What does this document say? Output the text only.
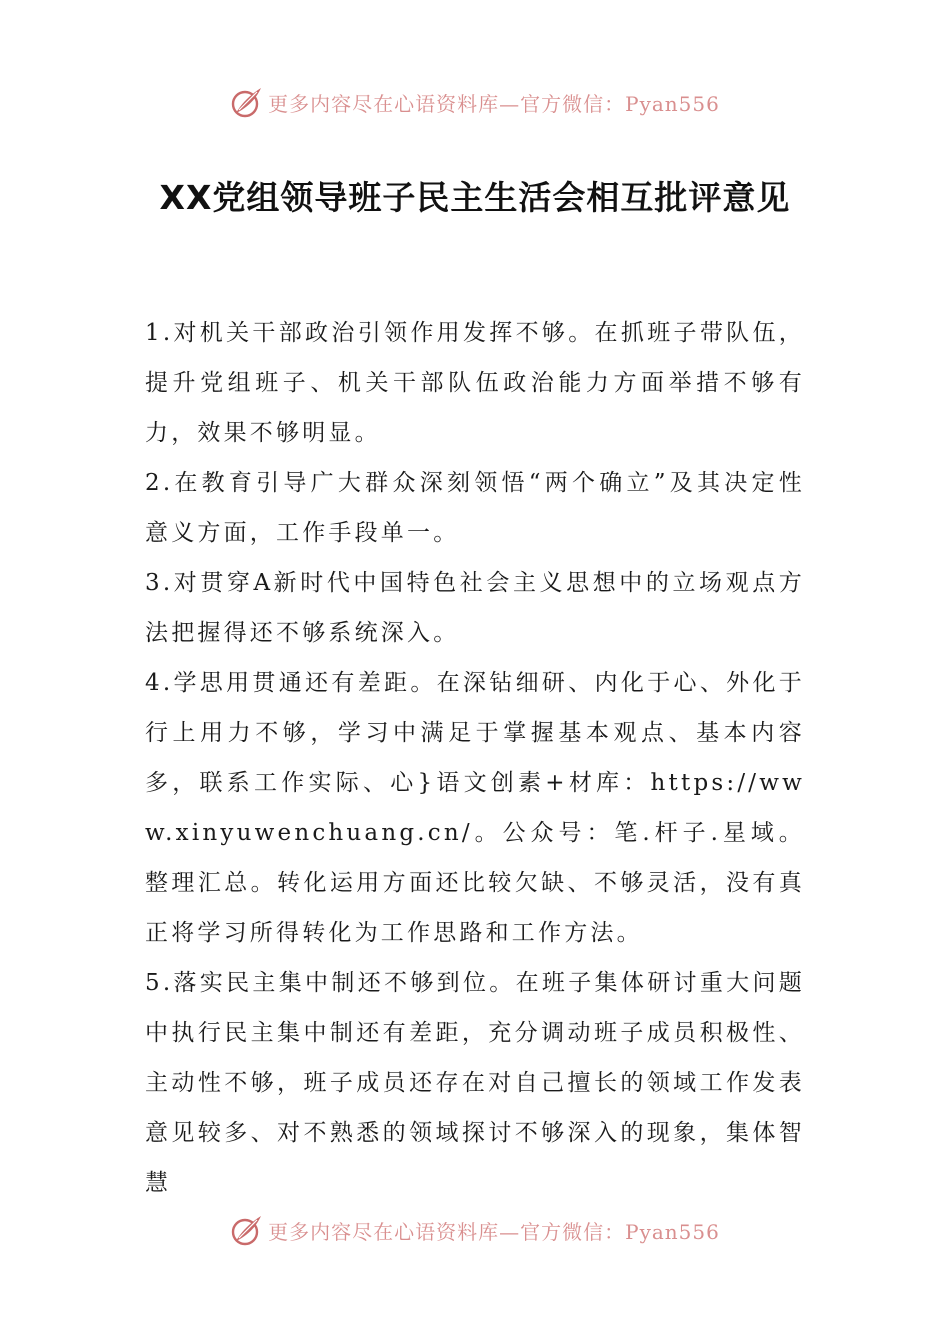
更多内容尽在心语资料库—官方微信：Pyan556
XX党组领导班子民主生活会相互批评意见

1.对机关干部政治引领作用发挥不够。在抓班子带队伍，提升党组班子、机关干部队伍政治能力方面举措不够有力，效果不够明显。

2.在教育引导广大群众深刻领悟“两个确立”及其决定性意义方面，工作手段单一。

3.对贯穿A新时代中国特色社会主义思想中的立场观点方法把握得还不够系统深入。

4.学思用贯通还有差距。在深钻细研、内化于心、外化于行上用力不够，学习中满足于掌握基本观点、基本内容多，联系工作实际、心}语文创素+材库：https://www.xinyuwenchuang.cn/。公众号：笔.杆子.星域。整理汇总。转化运用方面还比较欠缺、不够灵活，没有真正将学习所得转化为工作思路和工作方法。

5.落实民主集中制还不够到位。在班子集体研讨重大问题中执行民主集中制还有差距，充分调动班子成员积极性、主动性不够，班子成员还存在对自己擅长的领域工作发表意见较多、对不熟悉的领域探讨不够深入的现象，集体智慧

更多内容尽在心语资料库—官方微信：Pyan556
